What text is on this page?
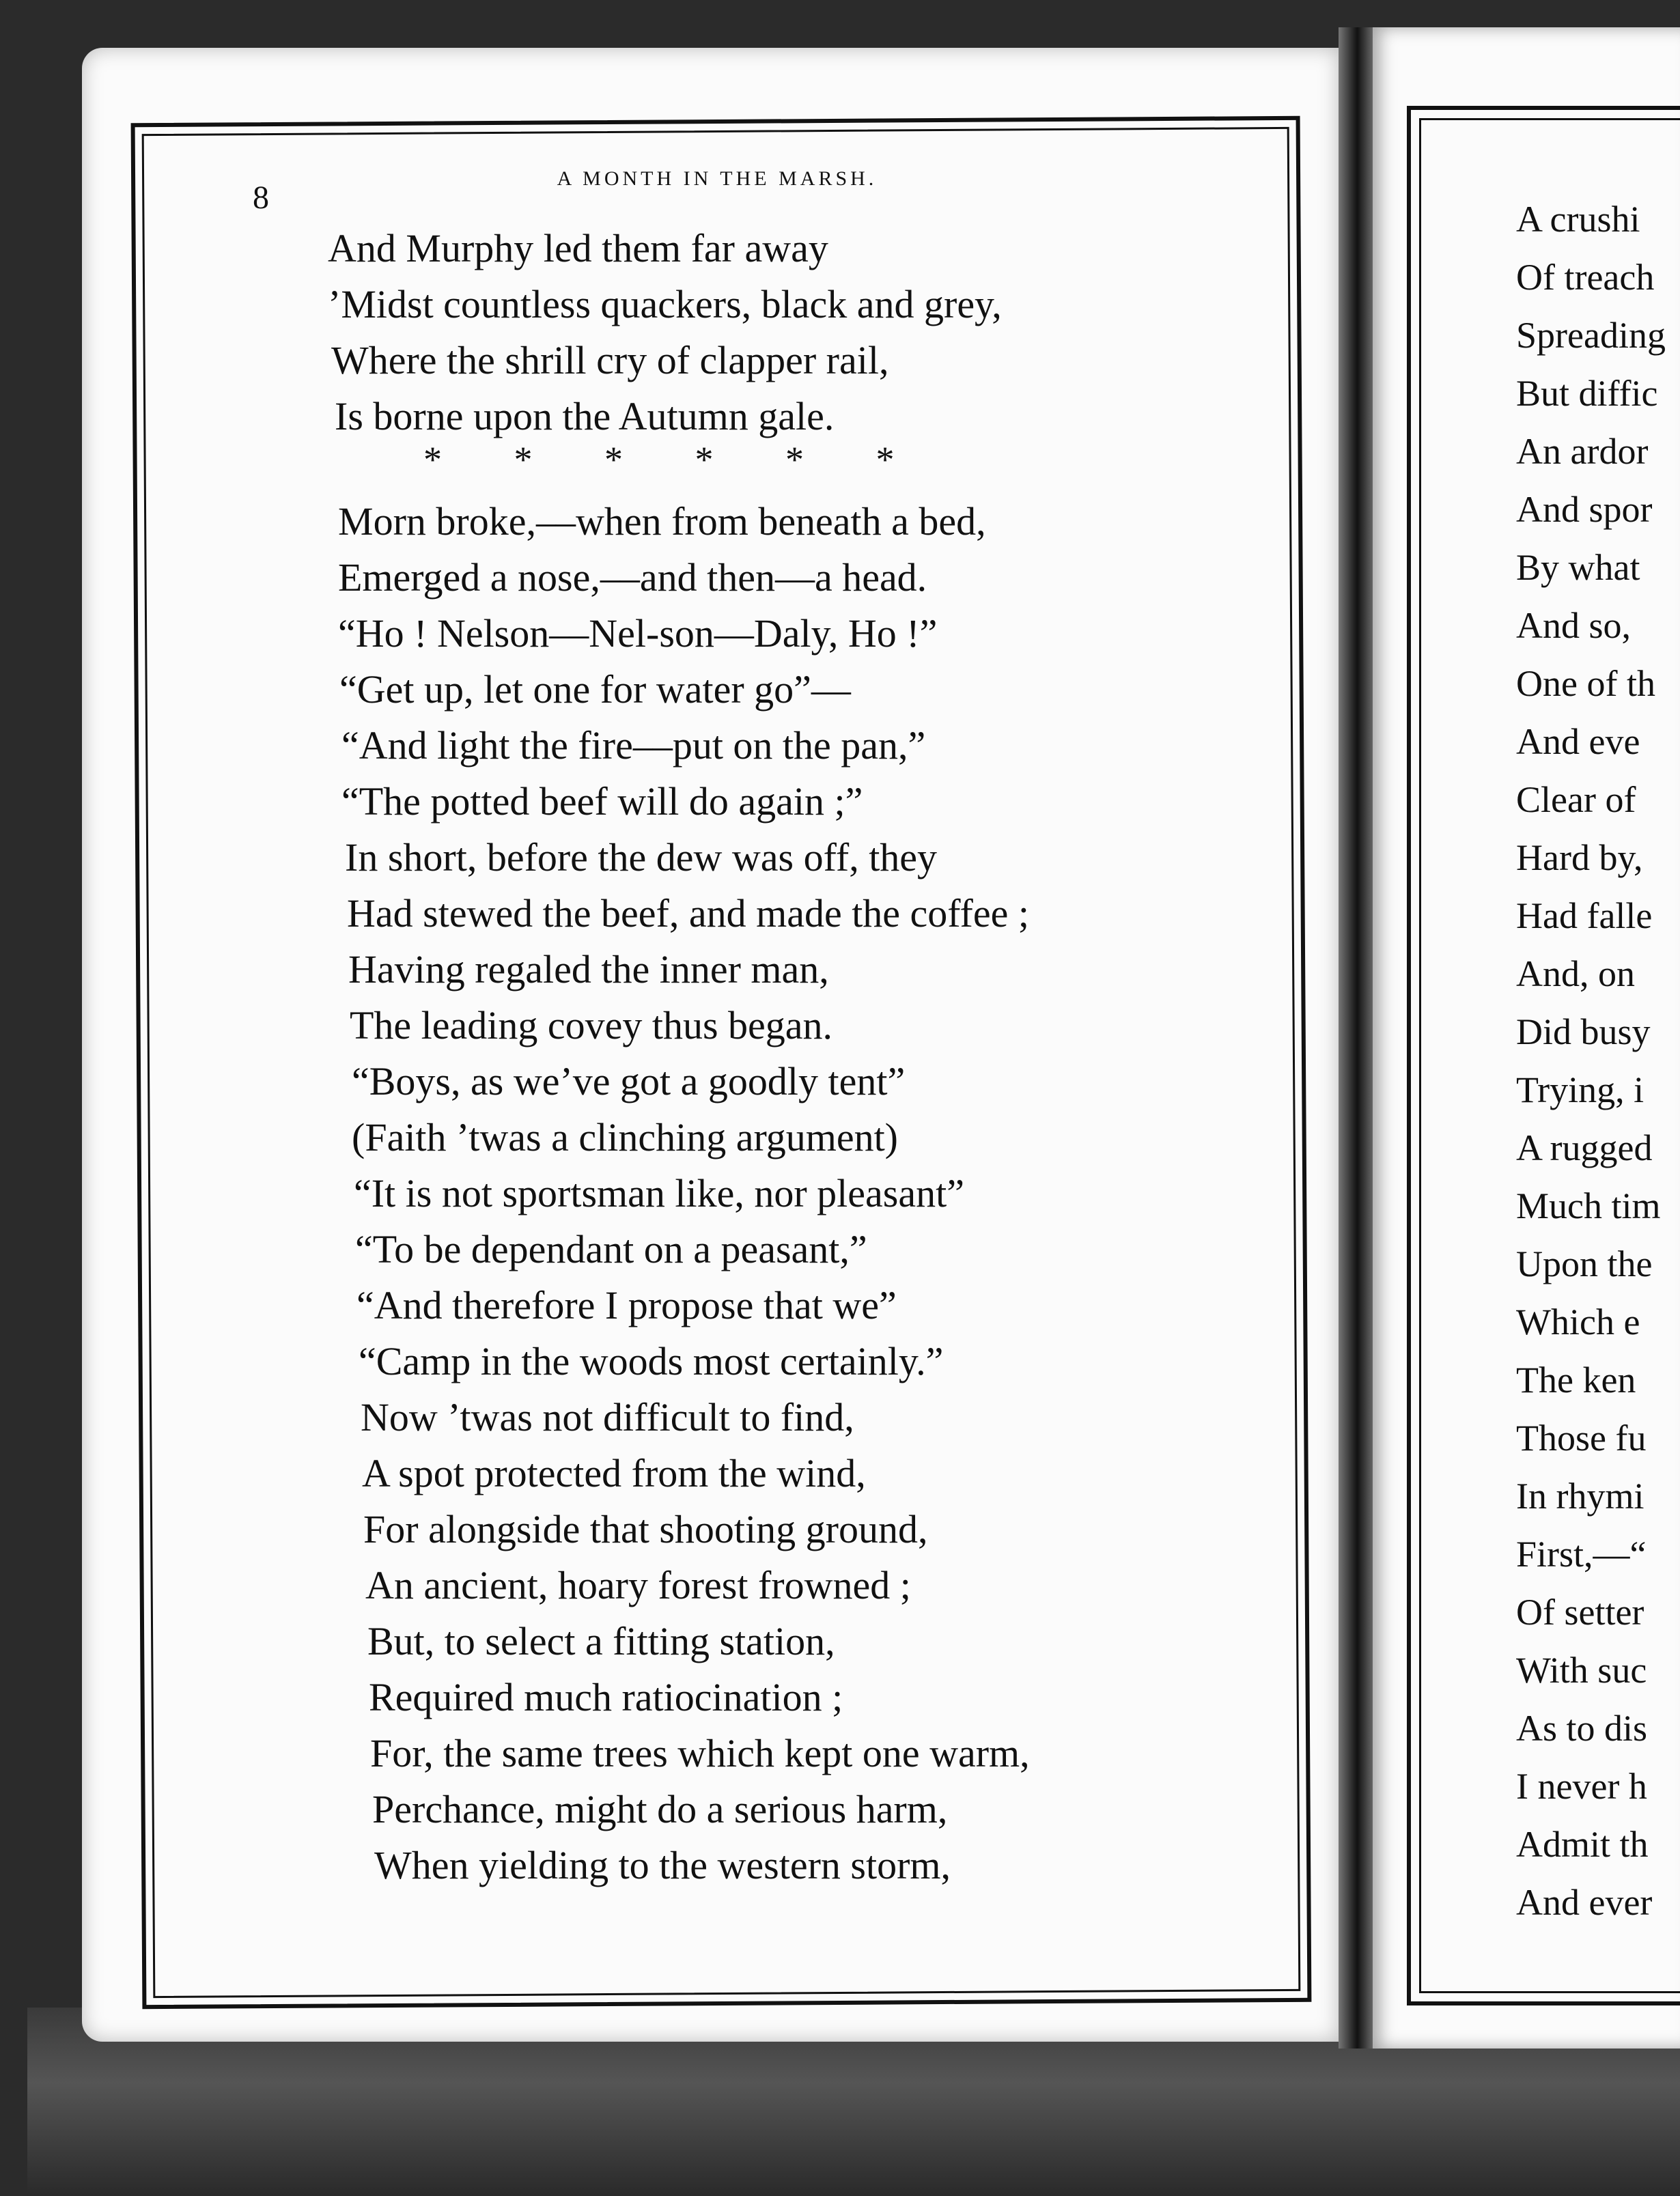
8
A MONTH IN THE MARSH.
And Murphy led them far away
’Midst countless quackers, black and grey,
Where the shrill cry of clapper rail,
Is borne upon the Autumn gale.
* * * * * *
Morn broke,––when from beneath a bed,
Emerged a nose,––and then—a head.
“Ho ! Nelson––Nel-son—Daly, Ho !”
“Get up, let one for water go”—
“And light the fire––put on the pan,”
“The potted beef will do again ;”
In short, before the dew was off, they
Had stewed the beef, and made the coffee ;
Having regaled the inner man,
The leading covey thus began.
“Boys, as we’ve got a goodly tent”
(Faith ’twas a clinching argument)
“It is not sportsman like, nor pleasant”
“To be dependant on a peasant,”
“And therefore I propose that we”
“Camp in the woods most certainly.”
Now ’twas not difficult to find,
A spot protected from the wind,
For alongside that shooting ground,
An ancient, hoary forest frowned ;
But, to select a fitting station,
Required much ratiocination ;
For, the same trees which kept one warm,
Perchance, might do a serious harm,
When yielding to the western storm,
A crushi
Of treach
Spreading
But diffic
An ardor
And spor
By what
And so,
One of th
And eve
Clear of
Hard by,
Had falle
And, on
Did busy
Trying, i
A rugged
Much tim
Upon the
Which e
The ken
Those fu
In rhymi
First,—“
Of setter
With suc
As to dis
I never h
Admit th
And ever
